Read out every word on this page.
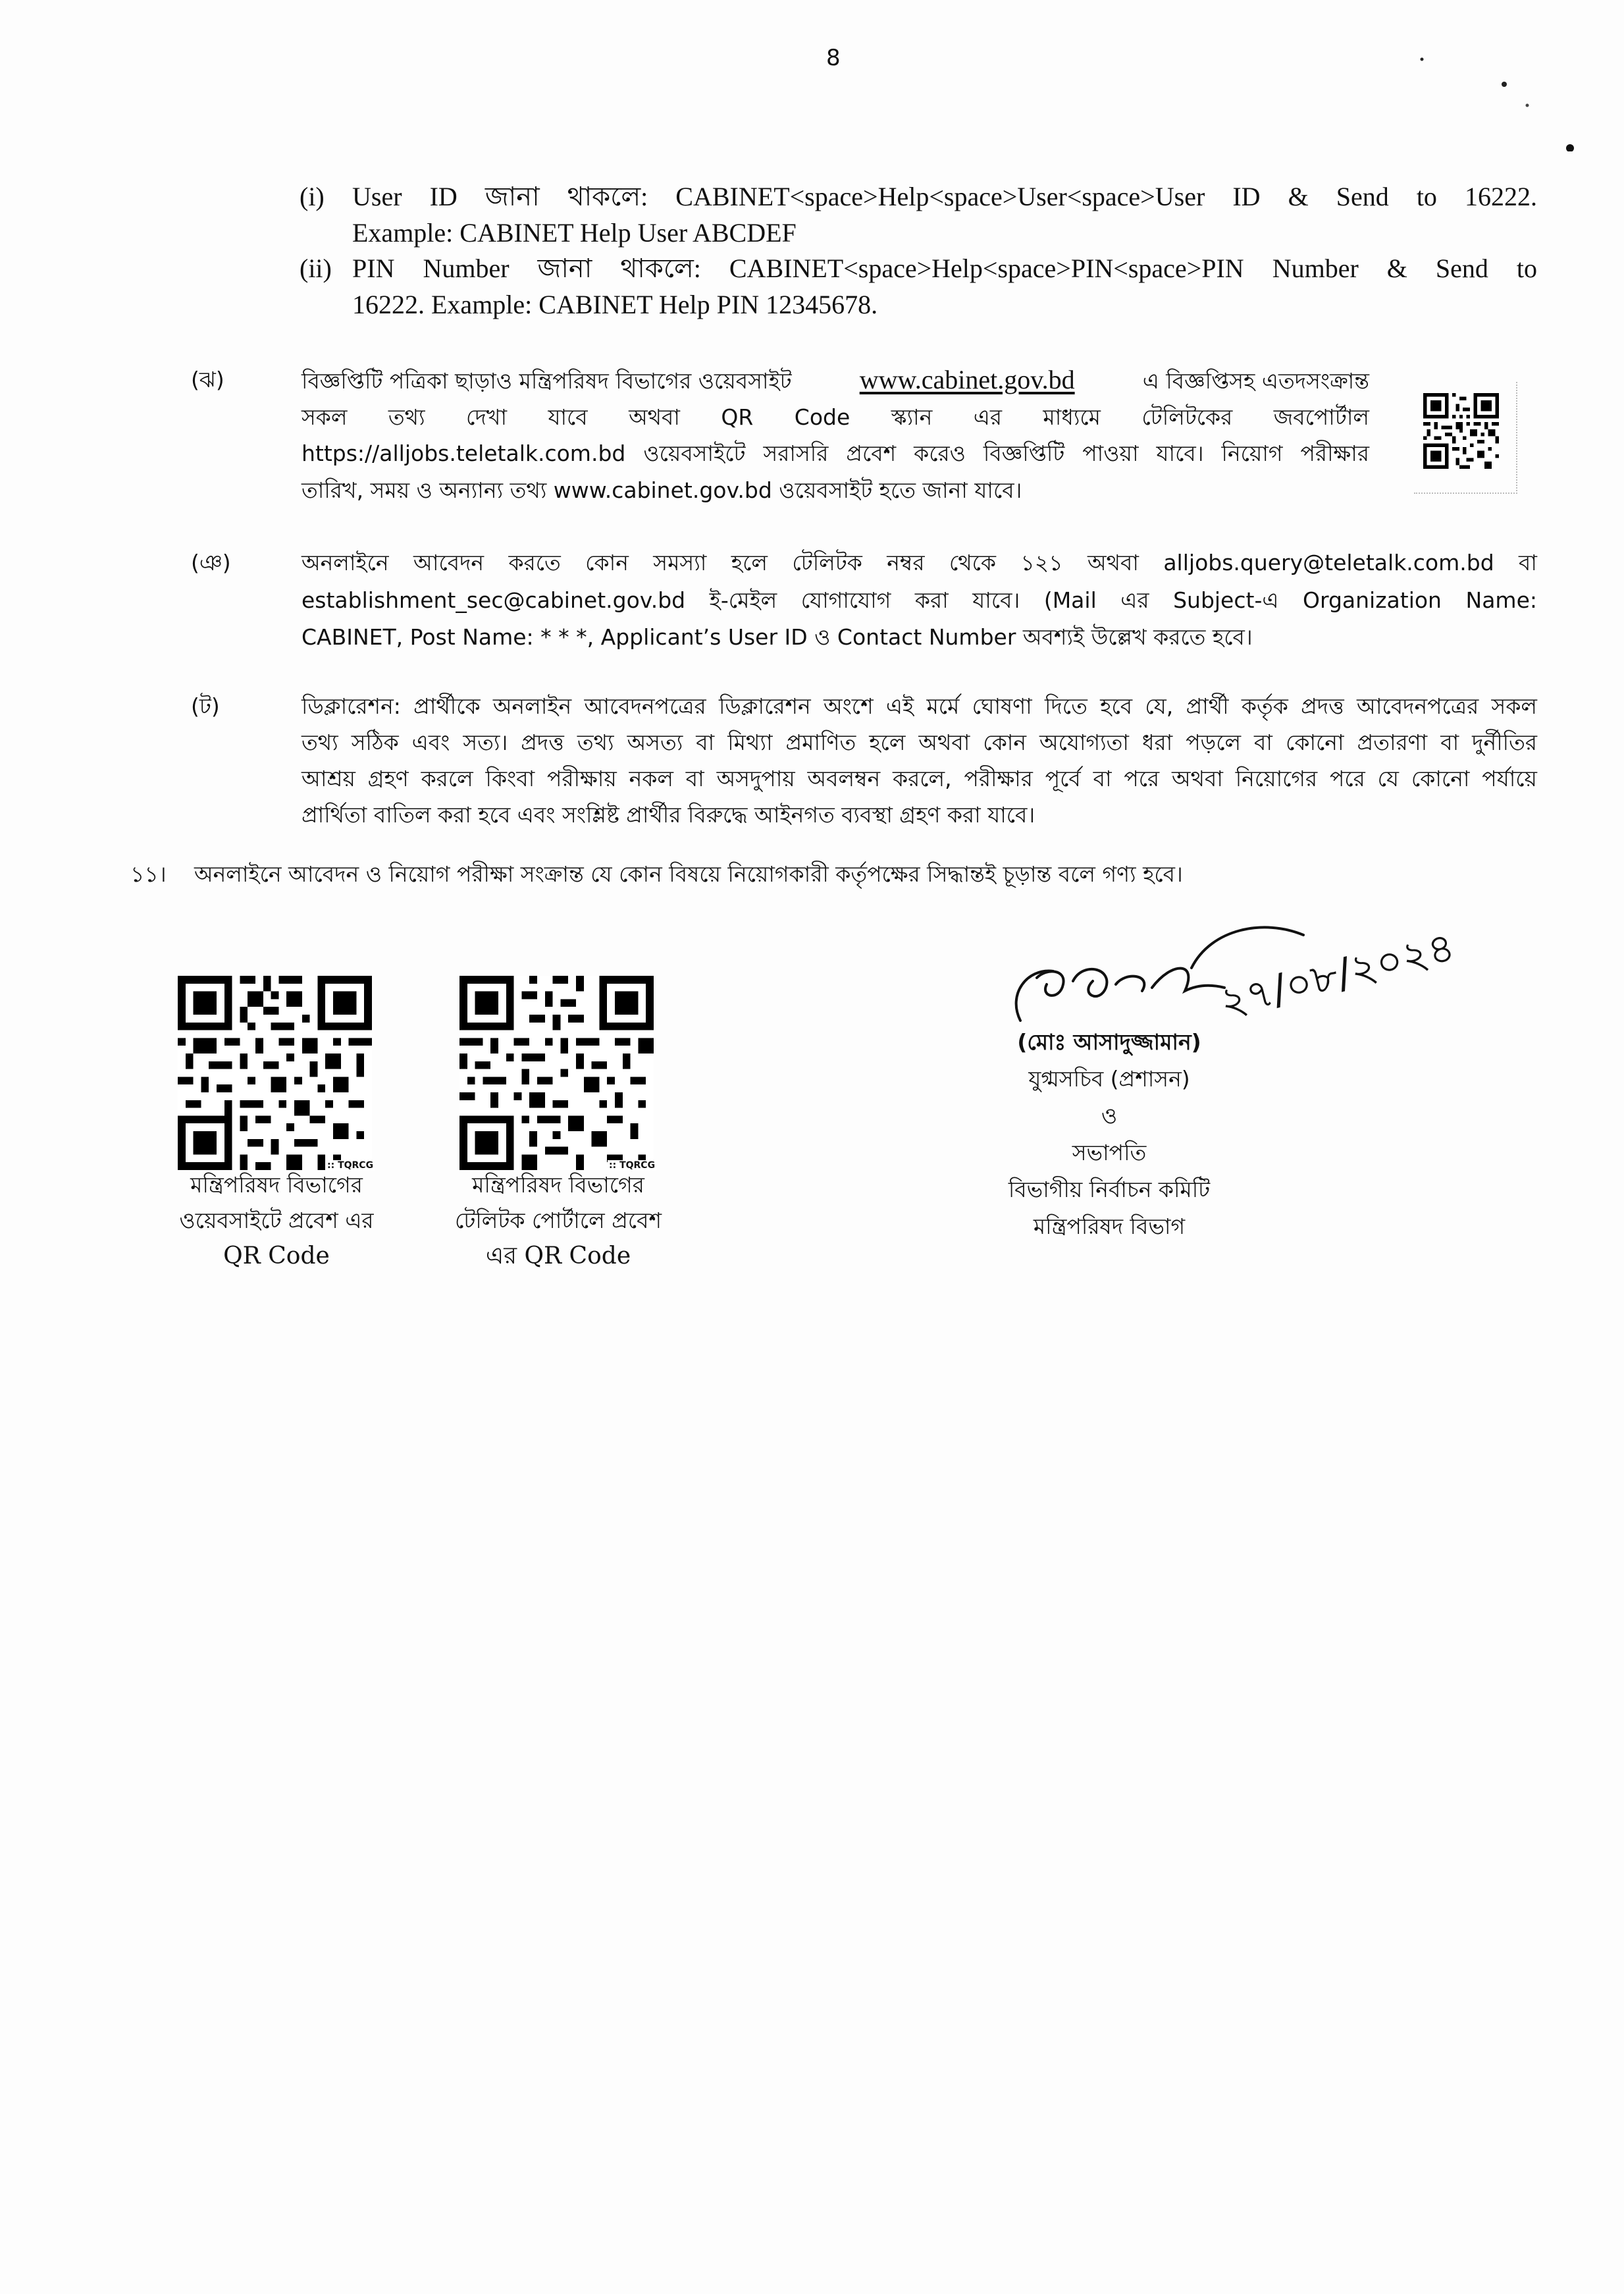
8
(i) User ID জানা থাকলে: CABINET<space>Help<space>User<space>User ID & Send to 16222.
Example: CABINET Help User ABCDEF
(ii) PIN Number জানা থাকলে: CABINET<space>Help<space>PIN<space>PIN Number & Send to
16222. Example: CABINET Help PIN 12345678.
(ঝ)	বিজ্ঞপ্তিটি পত্রিকা ছাড়াও মন্ত্রিপরিষদ বিভাগের ওয়েবসাইট	www.cabinet.gov.bd	এ বিজ্ঞপ্তিসহ এতদসংক্রান্ত
সকল তথ্য দেখা যাবে অথবা QR Code স্ক্যান এর মাধ্যমে টেলিটকের জবপোর্টাল
https://alljobs.teletalk.com.bd ওয়েবসাইটে সরাসরি প্রবেশ করেও বিজ্ঞপ্তিটি পাওয়া যাবে। নিয়োগ পরীক্ষার
তারিখ, সময় ও অন্যান্য তথ্য www.cabinet.gov.bd ওয়েবসাইট হতে জানা যাবে।
(ঞ)	অনলাইনে আবেদন করতে কোন সমস্যা হলে টেলিটক নম্বর থেকে ১২১ অথবা alljobs.query@teletalk.com.bd বা
establishment_sec@cabinet.gov.bd ই-মেইল যোগাযোগ করা যাবে। (Mail এর Subject-এ Organization Name:
CABINET, Post Name: * * *, Applicant’s User ID ও Contact Number অবশ্যই উল্লেখ করতে হবে।
(ট)	ডিক্লারেশন: প্রার্থীকে অনলাইন আবেদনপত্রের ডিক্লারেশন অংশে এই মর্মে ঘোষণা দিতে হবে যে, প্রার্থী কর্তৃক প্রদত্ত আবেদনপত্রের সকল
তথ্য সঠিক এবং সত্য। প্রদত্ত তথ্য অসত্য বা মিথ্যা প্রমাণিত হলে অথবা কোন অযোগ্যতা ধরা পড়লে বা কোনো প্রতারণা বা দুর্নীতির
আশ্রয় গ্রহণ করলে কিংবা পরীক্ষায় নকল বা অসদুপায় অবলম্বন করলে, পরীক্ষার পূর্বে বা পরে অথবা নিয়োগের পরে যে কোনো পর্যায়ে
প্রার্থিতা বাতিল করা হবে এবং সংশ্লিষ্ট প্রার্থীর বিরুদ্ধে আইনগত ব্যবস্থা গ্রহণ করা যাবে।
১১। অনলাইনে আবেদন ও নিয়োগ পরীক্ষা সংক্রান্ত যে কোন বিষয়ে নিয়োগকারী কর্তৃপক্ষের সিদ্ধান্তই চূড়ান্ত বলে গণ্য হবে।
:: TQRCG
মন্ত্রিপরিষদ বিভাগের
ওয়েবসাইটে প্রবেশ এর
QR Code
:: TQRCG
মন্ত্রিপরিষদ বিভাগের
টেলিটক পোর্টালে প্রবেশ
এর QR Code
২৭/০৮/২০২৪
(মোঃ আসাদুজ্জামান)
যুগ্মসচিব (প্রশাসন)
ও
সভাপতি
বিভাগীয় নির্বাচন কমিটি
মন্ত্রিপরিষদ বিভাগ
